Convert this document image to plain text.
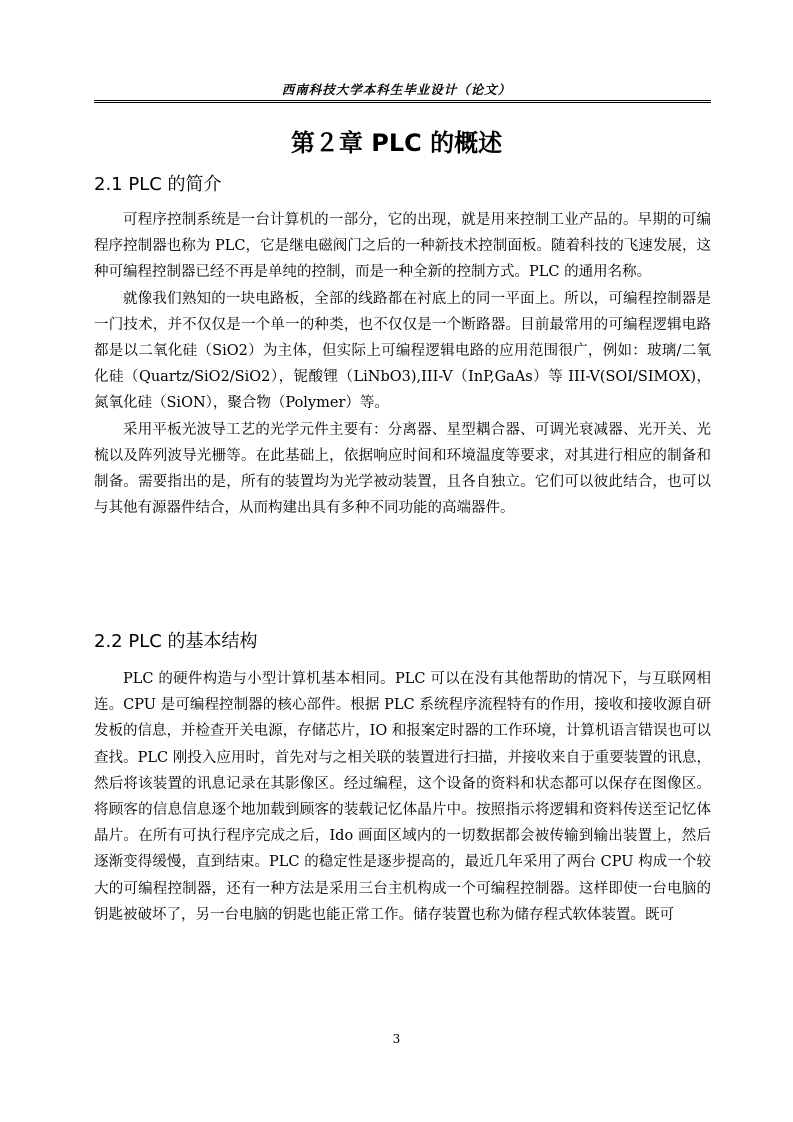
西南科技大学本科生毕业设计（论文）
第２章 PLC 的概述
2.1 PLC 的简介

可程序控制系统是一台计算机的一部分，它的出现，就是用来控制工业产品的。早期的可编程序控制器也称为 PLC，它是继电磁阀门之后的一种新技术控制面板。随着科技的飞速发展，这种可编程控制器已经不再是单纯的控制，而是一种全新的控制方式。PLC 的通用名称。

就像我们熟知的一块电路板，全部的线路都在衬底上的同一平面上。所以，可编程控制器是一门技术，并不仅仅是一个单一的种类，也不仅仅是一个断路器。目前最常用的可编程逻辑电路都是以二氧化硅（SiO2）为主体，但实际上可编程逻辑电路的应用范围很广，例如：玻璃/二氧化硅（Quartz/SiO2/SiO2），铌酸锂（LiNbO3),III-V（InP,GaAs）等 III-V(SOI/SIMOX)，氮氧化硅（SiON），聚合物（Polymer）等。

采用平板光波导工艺的光学元件主要有：分离器、星型耦合器、可调光衰减器、光开关、光梳以及阵列波导光栅等。在此基础上，依据响应时间和环境温度等要求，对其进行相应的制备和制备。需要指出的是，所有的装置均为光学被动装置，且各自独立。它们可以彼此结合，也可以与其他有源器件结合，从而构建出具有多种不同功能的高端器件。

2.2 PLC 的基本结构

PLC 的硬件构造与小型计算机基本相同。PLC 可以在没有其他帮助的情况下，与互联网相连。CPU 是可编程控制器的核心部件。根据 PLC 系统程序流程特有的作用，接收和接收源自研发板的信息，并检查开关电源，存储芯片，IO 和报案定时器的工作环境，计算机语言错误也可以查找。PLC 刚投入应用时，首先对与之相关联的装置进行扫描，并接收来自于重要装置的讯息，然后将该装置的讯息记录在其影像区。经过编程，这个设备的资料和状态都可以保存在图像区。将顾客的信息信息逐个地加载到顾客的装载记忆体晶片中。按照指示将逻辑和资料传送至记忆体晶片。在所有可执行程序完成之后，Ido 画面区域内的一切数据都会被传输到输出装置上，然后逐渐变得缓慢，直到结束。PLC 的稳定性是逐步提高的，最近几年采用了两台 CPU 构成一个较大的可编程控制器，还有一种方法是采用三台主机构成一个可编程控制器。这样即使一台电脑的钥匙被破坏了，另一台电脑的钥匙也能正常工作。储存装置也称为储存程式软体装置。既可

3
